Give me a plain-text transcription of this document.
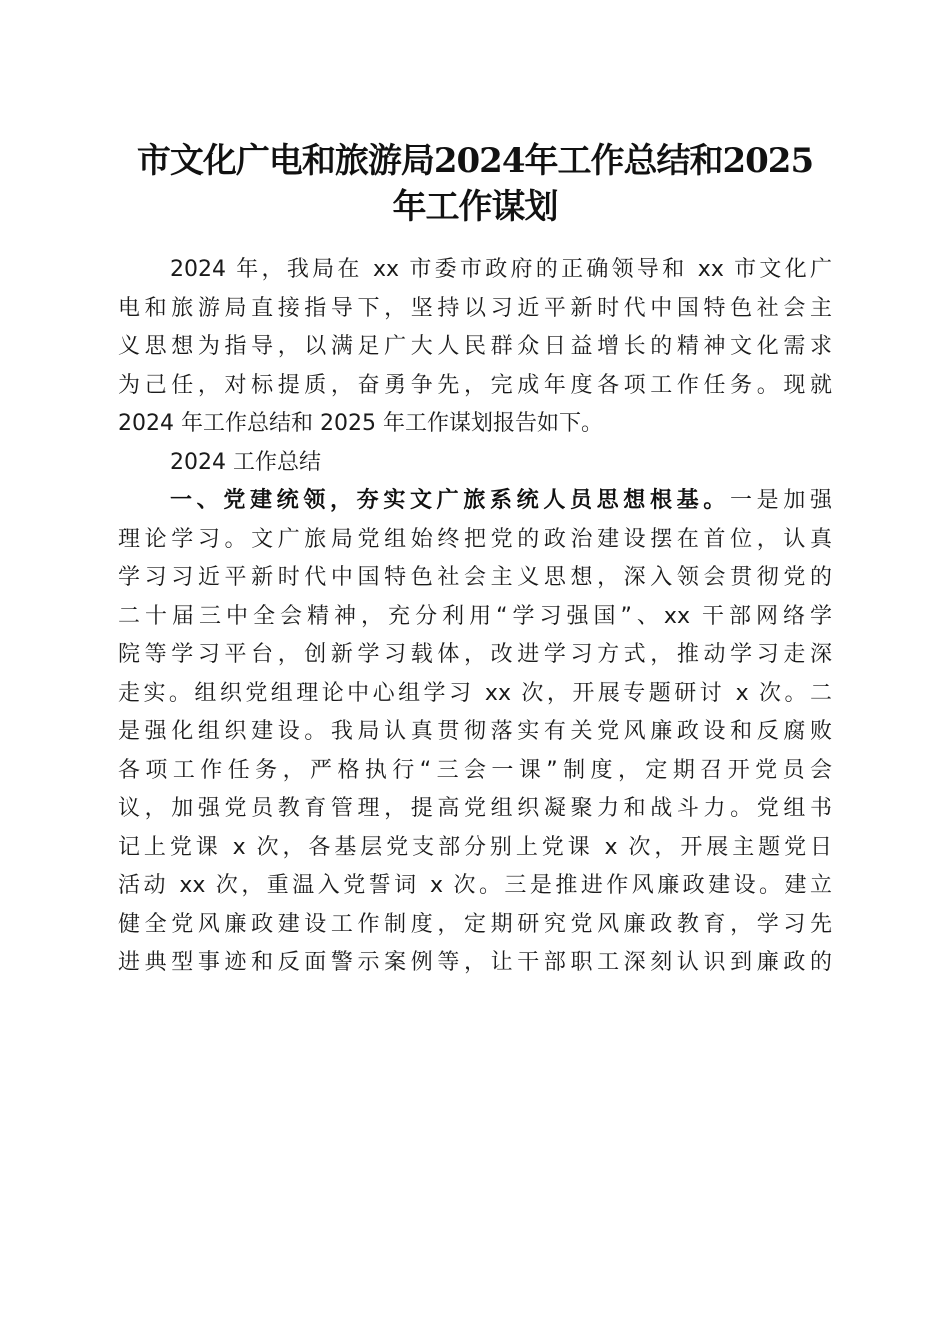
市文化广电和旅游局2024年工作总结和2025
年工作谋划
2024 年，我局在 xx 市委市政府的正确领导和 xx 市文化广
电和旅游局直接指导下，坚持以习近平新时代中国特色社会主
义思想为指导，以满足广大人民群众日益增长的精神文化需求
为己任，对标提质，奋勇争先，完成年度各项工作任务。现就
2024 年工作总结和 2025 年工作谋划报告如下。
2024 工作总结
一、党建统领，夯实文广旅系统人员思想根基。一是加强
理论学习。文广旅局党组始终把党的政治建设摆在首位，认真
学习习近平新时代中国特色社会主义思想，深入领会贯彻党的
二十届三中全会精神，充分利用“学习强国”、xx 干部网络学
院等学习平台，创新学习载体，改进学习方式，推动学习走深
走实。组织党组理论中心组学习 xx 次，开展专题研讨 x 次。二
是强化组织建设。我局认真贯彻落实有关党风廉政设和反腐败
各项工作任务，严格执行“三会一课”制度，定期召开党员会
议，加强党员教育管理，提高党组织凝聚力和战斗力。党组书
记上党课 x 次，各基层党支部分别上党课 x 次，开展主题党日
活动 xx 次，重温入党誓词 x 次。三是推进作风廉政建设。建立
健全党风廉政建设工作制度，定期研究党风廉政教育，学习先
进典型事迹和反面警示案例等，让干部职工深刻认识到廉政的
